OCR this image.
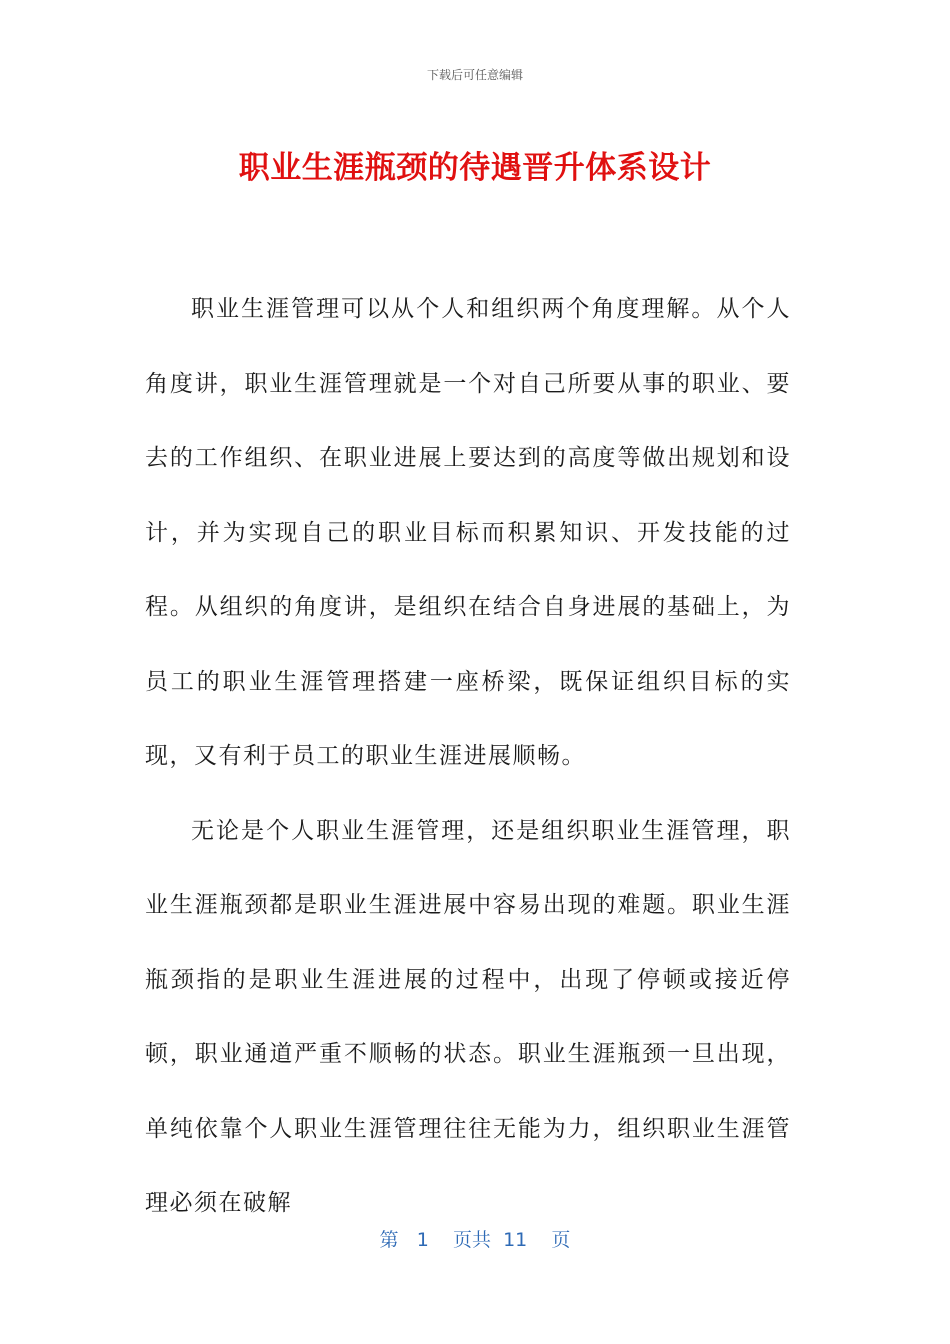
下载后可任意编辑
职业生涯瓶颈的待遇晋升体系设计

职业生涯管理可以从个人和组织两个角度理解。从个人角度讲，职业生涯管理就是一个对自己所要从事的职业、要去的工作组织、在职业进展上要达到的高度等做出规划和设计，并为实现自己的职业目标而积累知识、开发技能的过程。从组织的角度讲，是组织在结合自身进展的基础上，为员工的职业生涯管理搭建一座桥梁，既保证组织目标的实现，又有利于员工的职业生涯进展顺畅。

无论是个人职业生涯管理，还是组织职业生涯管理，职业生涯瓶颈都是职业生涯进展中容易出现的难题。职业生涯瓶颈指的是职业生涯进展的过程中，出现了停顿或接近停顿，职业通道严重不顺畅的状态。职业生涯瓶颈一旦出现，单纯依靠个人职业生涯管理往往无能为力，组织职业生涯管理必须在破解

第 1 页共 11 页
